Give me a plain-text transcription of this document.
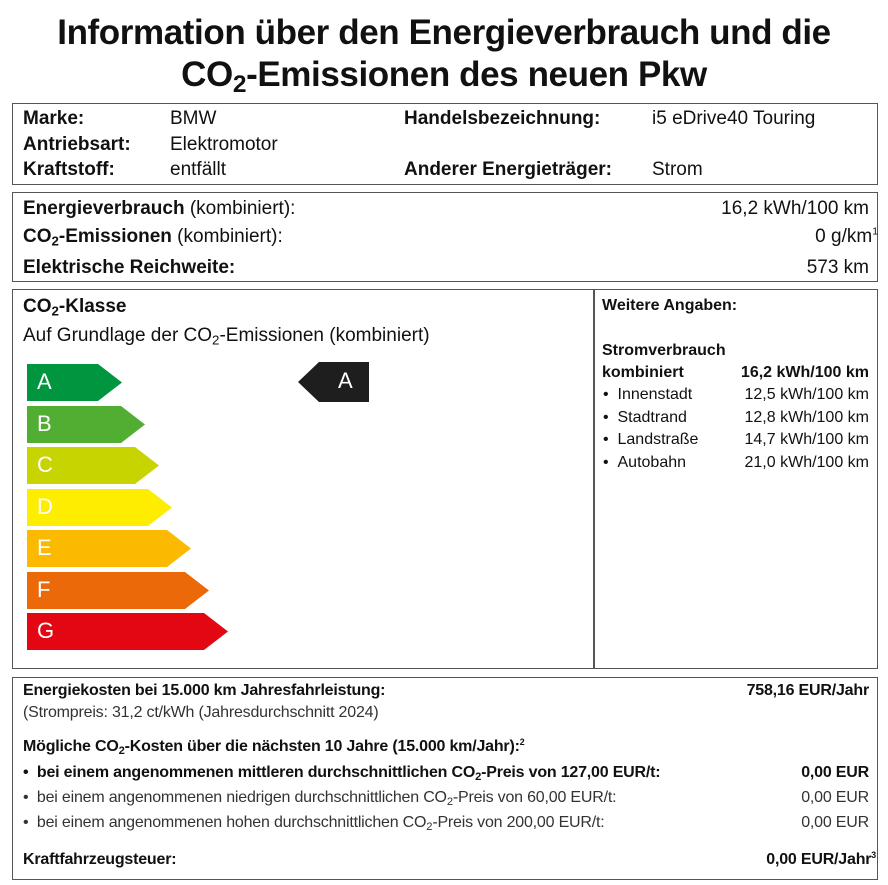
Information über den Energieverbrauch und die
$CO_2$-Emissionen des neuen Pkw
Marke:	BMW
Antriebsart: Elektromotor
Kraftstoff:	entfällt
Handelsbezeichnung:	i5 eDrive40 Touring
Anderer Energieträger: Strom
Energieverbrauch (kombiniert):	16,2 kWh/100 km
$CO_2$-Emissionen (kombiniert):	0 $g/km^1$
Elektrische Reichweite:	573 km
$CO_2$-Klasse
Auf Grundlage der $CO_2$-Emissionen (kombiniert)
A
B
C
D
E
F
G
A
Weitere Angaben:
Stromverbrauch
kombiniert	16,2 kWh/100 km
•  Innenstadt	12,5 kWh/100 km
•  Stadtrand	12,8 kWh/100 km
•  Landstraße	14,7 kWh/100 km
•  Autobahn	21,0 kWh/100 km
Energiekosten bei 15.000 km Jahresfahrleistung:	758,16 EUR/Jahr
(Strompreis: 31,2 ct/kWh (Jahresdurchschnitt 2024)
Mögliche $CO_2$-Kosten über die nächsten 10 Jahre (15.000 km/Jahr):$^2$
•  bei einem angenommenen mittleren durchschnittlichen $CO_2$-Preis von 127,00 EUR/t:	0,00 EUR
•  bei einem angenommenen niedrigen durchschnittlichen $CO_2$-Preis von 60,00 EUR/t:	0,00 EUR
•  bei einem angenommenen hohen durchschnittlichen $CO_2$-Preis von 200,00 EUR/t:	0,00 EUR
Kraftfahrzeugsteuer:	0,00 EUR/Jahr$^3$
